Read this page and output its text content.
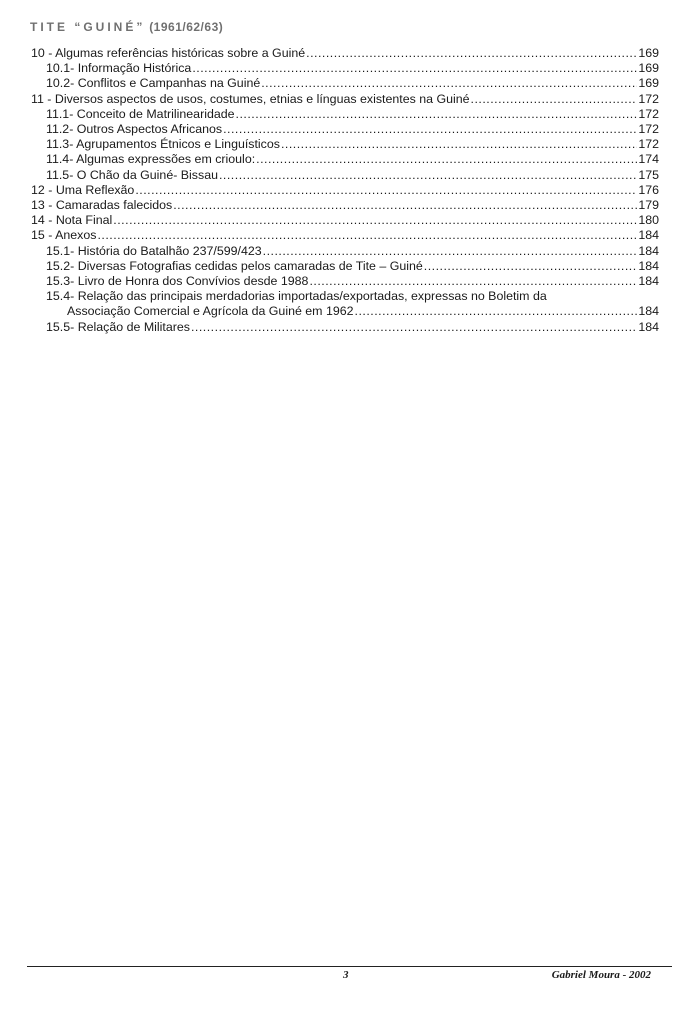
TITE “GUINÉ” (1961/62/63)
10 - Algumas referências históricas sobre a Guiné .....	169
10.1- Informação Histórica .....	169
10.2- Conflitos e Campanhas na Guiné .....	169
11 - Diversos aspectos de usos, costumes, etnias e línguas existentes na Guiné .....	172
11.1- Conceito de Matrilinearidade .....	172
11.2- Outros Aspectos Africanos .....	172
11.3- Agrupamentos Étnicos e Linguísticos .....	172
11.4- Algumas expressões em crioulo: .....	174
11.5- O Chão da Guiné- Bissau .....	175
12 - Uma Reflexão .....	176
13 - Camaradas falecidos .....	179
14 - Nota Final .....	180
15 - Anexos .....	184
15.1- História do Batalhão 237/599/423 .....	184
15.2- Diversas Fotografias cedidas pelos camaradas de Tite – Guiné .....	184
15.3- Livro de Honra dos Convívios desde 1988 .....	184
15.4- Relação das principais merdadorias importadas/exportadas, expressas no Boletim da
Associação Comercial e Agrícola da Guiné em 1962 .....	184
15.5- Relação de Militares .....	184
3	Gabriel Moura - 2002
